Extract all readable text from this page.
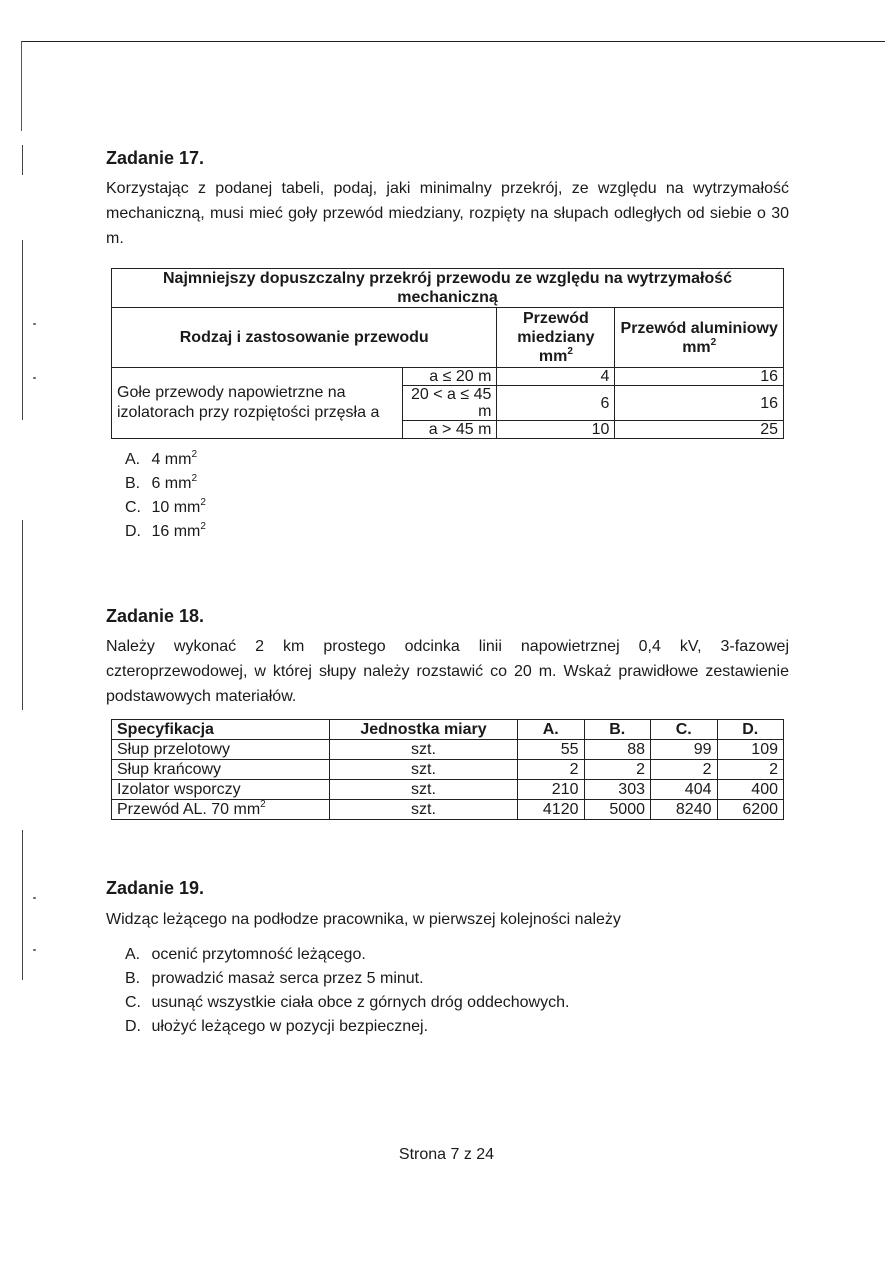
Zadanie 17.

Korzystając z podanej tabeli, podaj, jaki minimalny przekrój, ze względu na wytrzymałość mechaniczną, musi mieć goły przewód miedziany, rozpięty na słupach odległych od siebie o 30 m.

Najmniejszy dopuszczalny przekrój przewodu ze względu na wytrzymałość mechaniczną			
Rodzaj i zastosowanie przewodu		Przewód miedziany $mm^2$	Przewód aluminiowy $mm^2$
Gołe przewody napowietrzne na izolatorach przy rozpiętości przęsła a	a ≤ 20 m	4	16
	20 < a ≤ 45 m	6	16
	a > 45 m	10	25
A. 4 $mm^2$
B. 6 $mm^2$
C. 10 $mm^2$
D. 16 $mm^2$
Zadanie 18.

Należy wykonać 2 km prostego odcinka linii napowietrznej 0,4 kV, 3-fazowej czteroprzewodowej, w której słupy należy rozstawić co 20 m. Wskaż prawidłowe zestawienie podstawowych materiałów.

Specyfikacja	Jednostka miary	A.	B.	C.	D.
Słup przelotowy	szt.	55	88	99	109
Słup krańcowy	szt.	2	2	2	2
Izolator wsporczy	szt.	210	303	404	400
Przewód AL. 70 $mm^2$	szt.	4120	5000	8240	6200
Zadanie 19.

Widząc leżącego na podłodze pracownika, w pierwszej kolejności należy

A. ocenić przytomność leżącego.
B. prowadzić masaż serca przez 5 minut.
C. usunąć wszystkie ciała obce z górnych dróg oddechowych.
D. ułożyć leżącego w pozycji bezpiecznej.
Strona 7 z 24
